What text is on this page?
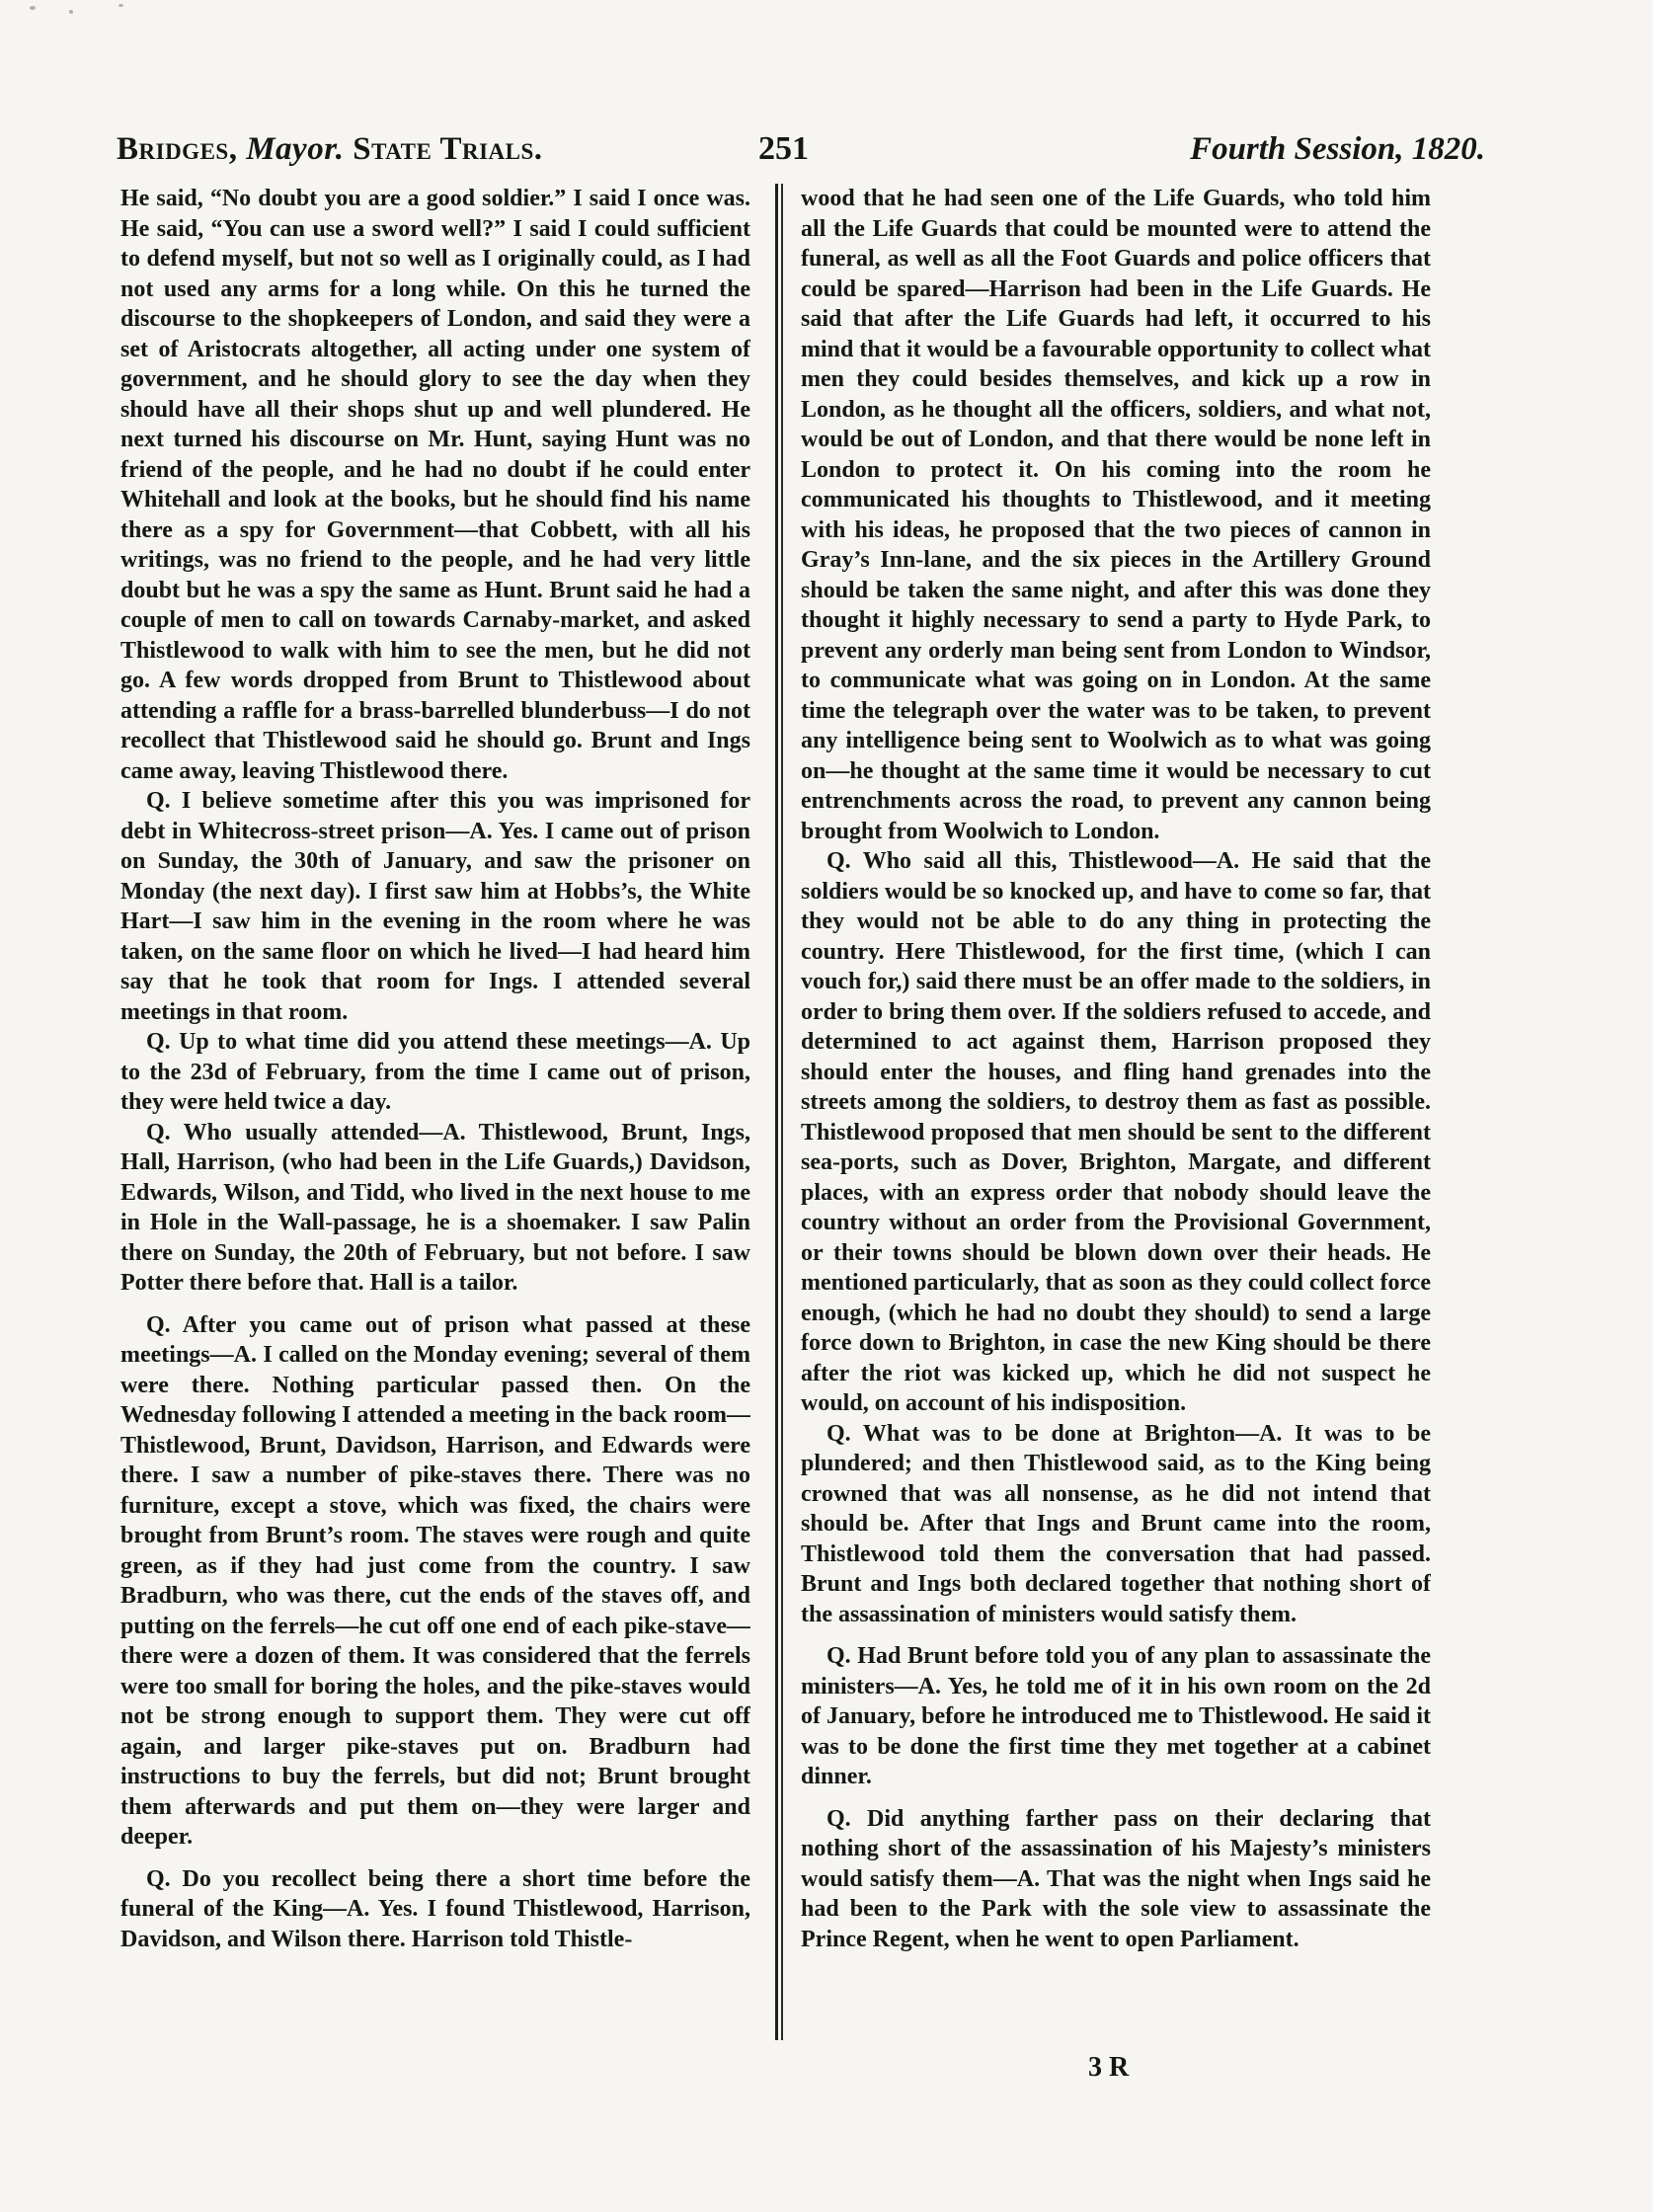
Bridges, Mayor. State Trials.	251	Fourth Session, 1820.

He said, “No doubt you are a good soldier.” I said I once was. He said, “You can use a sword well?” I said I could sufficient to defend myself, but not so well as I originally could, as I had not used any arms for a long while. On this he turned the discourse to the shopkeepers of London, and said they were a set of Aristocrats altogether, all acting under one system of government, and he should glory to see the day when they should have all their shops shut up and well plundered. He next turned his discourse on Mr. Hunt, saying Hunt was no friend of the people, and he had no doubt if he could enter Whitehall and look at the books, but he should find his name there as a spy for Government—that Cobbett, with all his writings, was no friend to the people, and he had very little doubt but he was a spy the same as Hunt. Brunt said he had a couple of men to call on towards Carnaby-market, and asked Thistlewood to walk with him to see the men, but he did not go. A few words dropped from Brunt to Thistlewood about attending a raffle for a brass-barrelled blunderbuss—I do not recollect that Thistlewood said he should go. Brunt and Ings came away, leaving Thistlewood there.

Q. I believe sometime after this you was imprisoned for debt in Whitecross-street prison—A. Yes. I came out of prison on Sunday, the 30th of January, and saw the prisoner on Monday (the next day). I first saw him at Hobbs’s, the White Hart—I saw him in the evening in the room where he was taken, on the same floor on which he lived—I had heard him say that he took that room for Ings. I attended several meetings in that room.

Q. Up to what time did you attend these meetings—A. Up to the 23d of February, from the time I came out of prison, they were held twice a day.

Q. Who usually attended—A. Thistlewood, Brunt, Ings, Hall, Harrison, (who had been in the Life Guards,) Davidson, Edwards, Wilson, and Tidd, who lived in the next house to me in Hole in the Wall-passage, he is a shoemaker. I saw Palin there on Sunday, the 20th of February, but not before. I saw Potter there before that. Hall is a tailor.

Q. After you came out of prison what passed at these meetings—A. I called on the Monday evening; several of them were there. Nothing particular passed then. On the Wednesday following I attended a meeting in the back room—Thistlewood, Brunt, Davidson, Harrison, and Edwards were there. I saw a number of pike-staves there. There was no furniture, except a stove, which was fixed, the chairs were brought from Brunt’s room. The staves were rough and quite green, as if they had just come from the country. I saw Bradburn, who was there, cut the ends of the staves off, and putting on the ferrels—he cut off one end of each pike-stave—there were a dozen of them. It was considered that the ferrels were too small for boring the holes, and the pike-staves would not be strong enough to support them. They were cut off again, and larger pike-staves put on. Bradburn had instructions to buy the ferrels, but did not; Brunt brought them afterwards and put them on—they were larger and deeper.

Q. Do you recollect being there a short time before the funeral of the King—A. Yes. I found Thistlewood, Harrison, Davidson, and Wilson there. Harrison told Thistle-

wood that he had seen one of the Life Guards, who told him all the Life Guards that could be mounted were to attend the funeral, as well as all the Foot Guards and police officers that could be spared—Harrison had been in the Life Guards. He said that after the Life Guards had left, it occurred to his mind that it would be a favourable opportunity to collect what men they could besides themselves, and kick up a row in London, as he thought all the officers, soldiers, and what not, would be out of London, and that there would be none left in London to protect it. On his coming into the room he communicated his thoughts to Thistlewood, and it meeting with his ideas, he proposed that the two pieces of cannon in Gray’s Inn-lane, and the six pieces in the Artillery Ground should be taken the same night, and after this was done they thought it highly necessary to send a party to Hyde Park, to prevent any orderly man being sent from London to Windsor, to communicate what was going on in London. At the same time the telegraph over the water was to be taken, to prevent any intelligence being sent to Woolwich as to what was going on—he thought at the same time it would be necessary to cut entrenchments across the road, to prevent any cannon being brought from Woolwich to London.

Q. Who said all this, Thistlewood—A. He said that the soldiers would be so knocked up, and have to come so far, that they would not be able to do any thing in protecting the country. Here Thistlewood, for the first time, (which I can vouch for,) said there must be an offer made to the soldiers, in order to bring them over. If the soldiers refused to accede, and determined to act against them, Harrison proposed they should enter the houses, and fling hand grenades into the streets among the soldiers, to destroy them as fast as possible. Thistlewood proposed that men should be sent to the different sea-ports, such as Dover, Brighton, Margate, and different places, with an express order that nobody should leave the country without an order from the Provisional Government, or their towns should be blown down over their heads. He mentioned particularly, that as soon as they could collect force enough, (which he had no doubt they should) to send a large force down to Brighton, in case the new King should be there after the riot was kicked up, which he did not suspect he would, on account of his indisposition.

Q. What was to be done at Brighton—A. It was to be plundered; and then Thistlewood said, as to the King being crowned that was all nonsense, as he did not intend that should be. After that Ings and Brunt came into the room, Thistlewood told them the conversation that had passed. Brunt and Ings both declared together that nothing short of the assassination of ministers would satisfy them.

Q. Had Brunt before told you of any plan to assassinate the ministers—A. Yes, he told me of it in his own room on the 2d of January, before he introduced me to Thistlewood. He said it was to be done the first time they met together at a cabinet dinner.

Q. Did anything farther pass on their declaring that nothing short of the assassination of his Majesty’s ministers would satisfy them—A. That was the night when Ings said he had been to the Park with the sole view to assassinate the Prince Regent, when he went to open Parliament.

3 R
